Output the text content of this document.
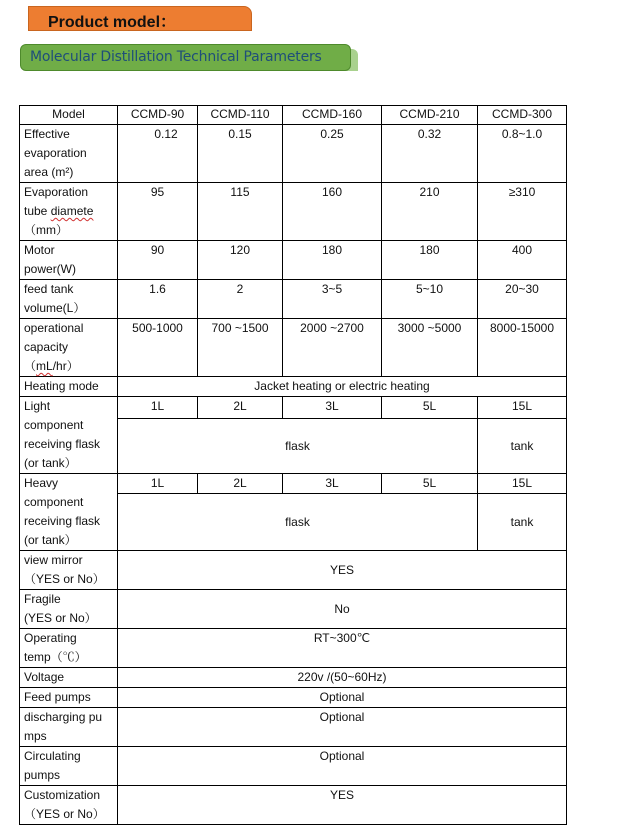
Product model：
Molecular Distillation Technical Parameters
Model	CCMD-90	CCMD-110	CCMD-160	CCMD-210	CCMD-300

Effective
evaporation
area (m²)	0.12	0.15	0.25	0.32	0.8~1.0

Evaporation
tube diamete
（mm）	95	115	160	210	≥310

Motor
power(W)	90	120	180	180	400

feed tank
volume(L）	1.6	2	3~5	5~10	20~30

operational
capacity
（mL/hr）	500-1000	700 ~1500	2000 ~2700	3000 ~5000	8000-15000
Heating mode	Jacket heating or electric heating				

Light
component
receiving flask
(or tank）	1L	2L	3L	5L	15L
	flask				tank

Heavy
component
receiving flask
(or tank）	1L	2L	3L	5L	15L
	flask				tank

view mirror
（YES or No）	YES				

Fragile
(YES or No）	No				

Operating
temp（℃）	RT~300℃				
Voltage	220v /(50~60Hz)				
Feed pumps	Optional				

discharging pu
mps	Optional				

Circulating
pumps	Optional				

Customization
（YES or No）	YES				
